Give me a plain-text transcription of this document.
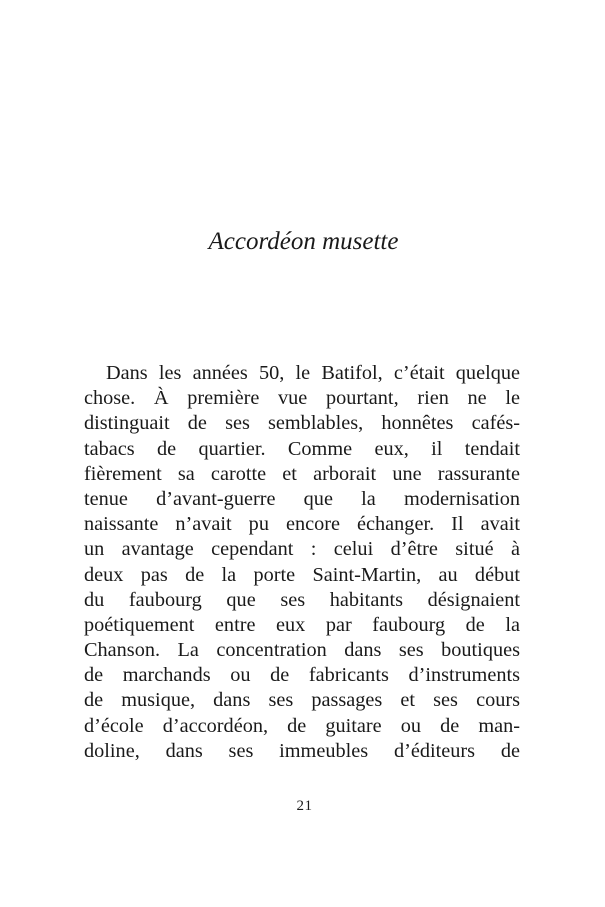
Accordéon musette
Dans les années 50, le Batifol, c’était quelque
chose. À première vue pourtant, rien ne le
distinguait de ses semblables, honnêtes cafés-
tabacs de quartier. Comme eux, il tendait
fièrement sa carotte et arborait une rassurante
tenue d’avant-guerre que la modernisation
naissante n’avait pu encore échanger. Il avait
un avantage cependant : celui d’être situé à
deux pas de la porte Saint-Martin, au début
du faubourg que ses habitants désignaient
poétiquement entre eux par faubourg de la
Chanson. La concentration dans ses boutiques
de marchands ou de fabricants d’instruments
de musique, dans ses passages et ses cours
d’école d’accordéon, de guitare ou de man-
doline, dans ses immeubles d’éditeurs de
21
